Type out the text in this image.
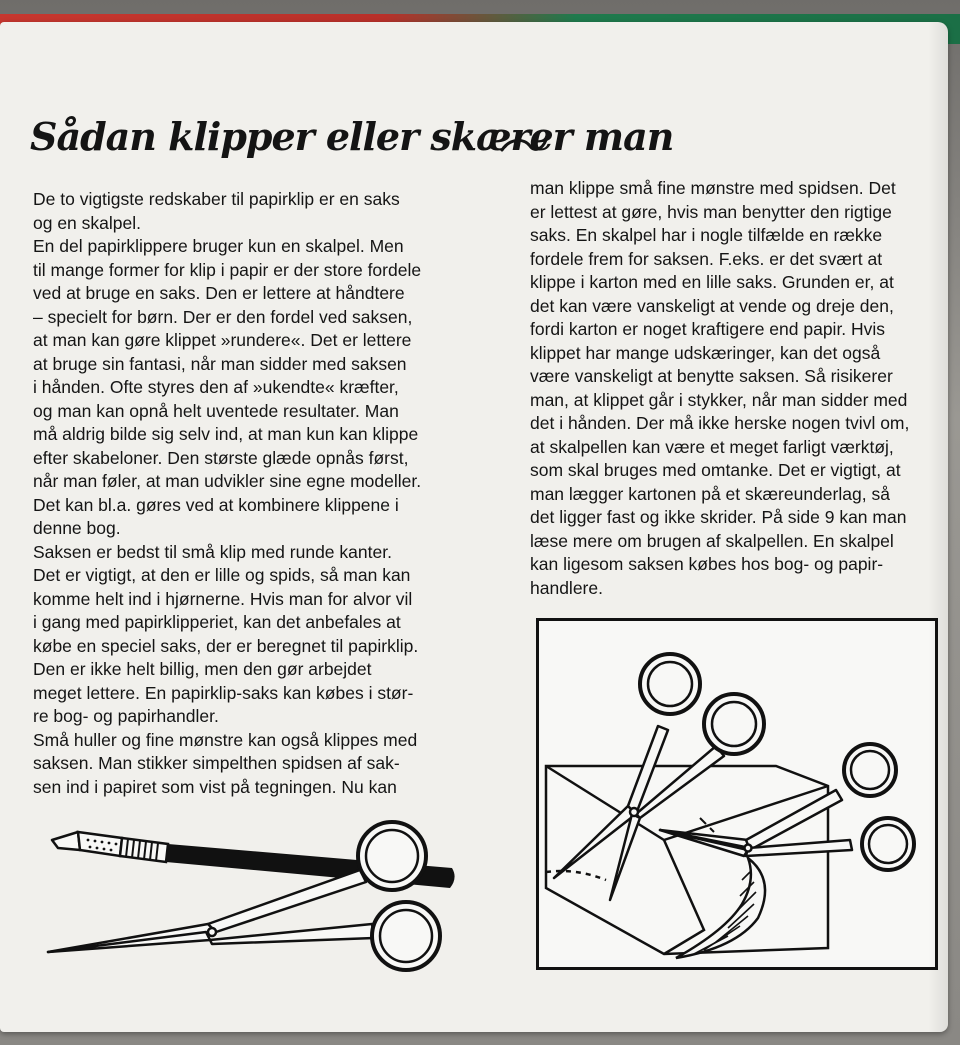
Sådan klipper eller skærer man
De to vigtigste redskaber til papirklip er en saks
og en skalpel.
En del papirklippere bruger kun en skalpel. Men
til mange former for klip i papir er der store fordele
ved at bruge en saks. Den er lettere at håndtere
– specielt for børn. Der er den fordel ved saksen,
at man kan gøre klippet »rundere«. Det er lettere
at bruge sin fantasi, når man sidder med saksen
i hånden. Ofte styres den af »ukendte« kræfter,
og man kan opnå helt uventede resultater. Man
må aldrig bilde sig selv ind, at man kun kan klippe
efter skabeloner. Den største glæde opnås først,
når man føler, at man udvikler sine egne modeller.
Det kan bl.a. gøres ved at kombinere klippene i
denne bog.
Saksen er bedst til små klip med runde kanter.
Det er vigtigt, at den er lille og spids, så man kan
komme helt ind i hjørnerne. Hvis man for alvor vil
i gang med papirklipperiet, kan det anbefales at
købe en speciel saks, der er beregnet til papirklip.
Den er ikke helt billig, men den gør arbejdet
meget lettere. En papirklip-saks kan købes i stør-
re bog- og papirhandler.
Små huller og fine mønstre kan også klippes med
saksen. Man stikker simpelthen spidsen af sak-
sen ind i papiret som vist på tegningen. Nu kan
man klippe små fine mønstre med spidsen. Det
er lettest at gøre, hvis man benytter den rigtige
saks. En skalpel har i nogle tilfælde en række
fordele frem for saksen. F.eks. er det svært at
klippe i karton med en lille saks. Grunden er, at
det kan være vanskeligt at vende og dreje den,
fordi karton er noget kraftigere end papir. Hvis
klippet har mange udskæringer, kan det også
være vanskeligt at benytte saksen. Så risikerer
man, at klippet går i stykker, når man sidder med
det i hånden. Der må ikke herske nogen tvivl om,
at skalpellen kan være et meget farligt værktøj,
som skal bruges med omtanke. Det er vigtigt, at
man lægger kartonen på et skæreunderlag, så
det ligger fast og ikke skrider. På side 9 kan man
læse mere om brugen af skalpellen. En skalpel
kan ligesom saksen købes hos bog- og papir-
handlere.
